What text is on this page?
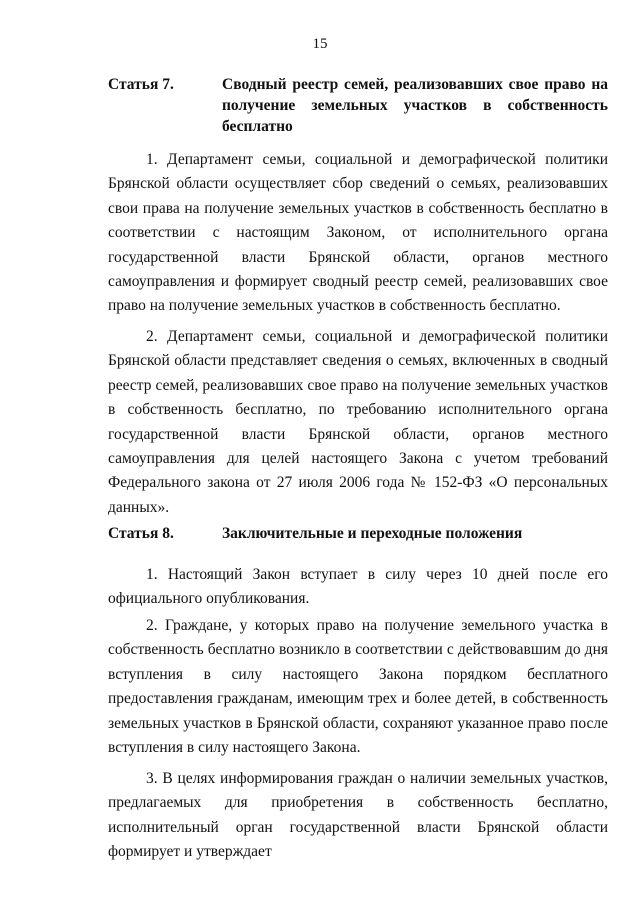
15
Статья 7.	Сводный реестр семей, реализовавших свое право на получение земельных участков в собственность бесплатно

1. Департамент семьи, социальной и демографической политики Брянской области осуществляет сбор сведений о семьях, реализовавших свои права на получение земельных участков в собственность бесплатно в соответствии с настоящим Законом, от исполнительного органа государственной власти Брянской области, органов местного самоуправления и формирует сводный реестр семей, реализовавших свое право на получение земельных участков в собственность бесплатно.

2. Департамент семьи, социальной и демографической политики Брянской области представляет сведения о семьях, включенных в сводный реестр семей, реализовавших свое право на получение земельных участков в собственность бесплатно, по требованию исполнительного органа государственной власти Брянской области, органов местного самоуправления для целей настоящего Закона с учетом требований Федерального закона от 27 июля 2006 года № 152-ФЗ «О персональных данных».

Статья 8.	Заключительные и переходные положения

1. Настоящий Закон вступает в силу через 10 дней после его официального опубликования.

2. Граждане, у которых право на получение земельного участка в собственность бесплатно возникло в соответствии с действовавшим до дня вступления в силу настоящего Закона порядком бесплатного предоставления гражданам, имеющим трех и более детей, в собственность земельных участков в Брянской области, сохраняют указанное право после вступления в силу настоящего Закона.

3. В целях информирования граждан о наличии земельных участков, предлагаемых для приобретения в собственность бесплатно, исполнительный орган государственной власти Брянской области формирует и утверждает
